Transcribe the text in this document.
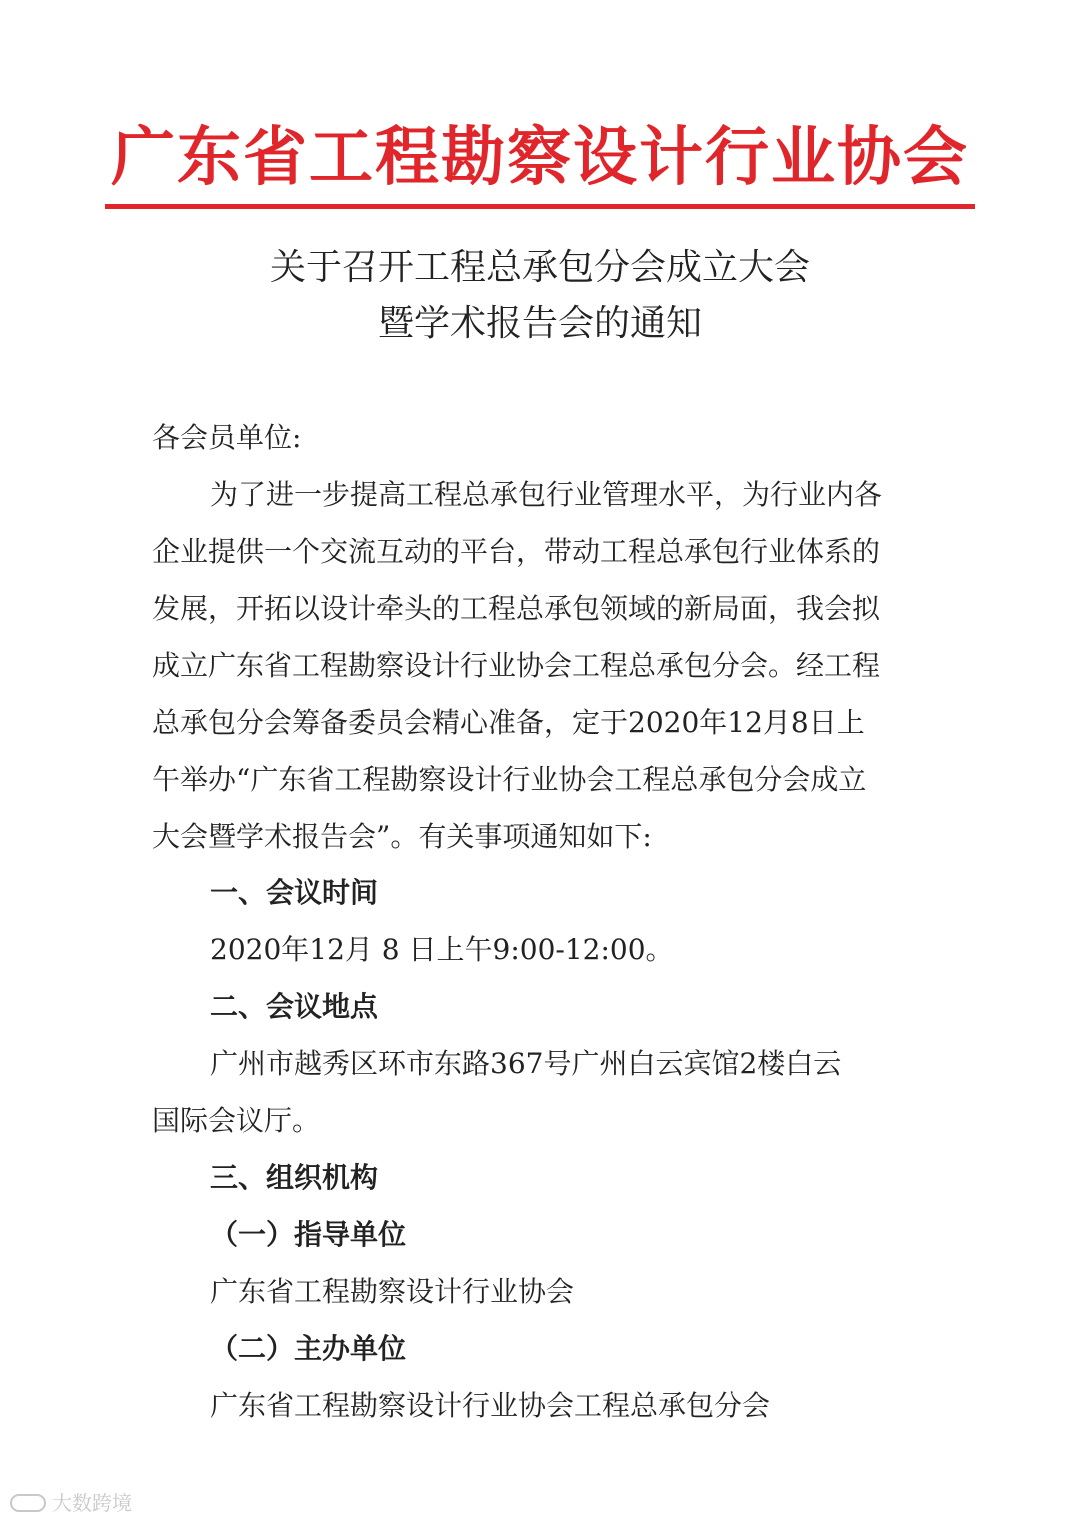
广东省工程勘察设计行业协会
关于召开工程总承包分会成立大会
暨学术报告会的通知
各会员单位:
为了进一步提高工程总承包行业管理水平，为行业内各
企业提供一个交流互动的平台，带动工程总承包行业体系的
发展，开拓以设计牵头的工程总承包领域的新局面，我会拟
成立广东省工程勘察设计行业协会工程总承包分会。经工程
总承包分会筹备委员会精心准备，定于2020年12月8日上
午举办“广东省工程勘察设计行业协会工程总承包分会成立
大会暨学术报告会”。有关事项通知如下:
一、会议时间
2020年12月 8 日上午9:00-12:00。
二、会议地点
广州市越秀区环市东路367号广州白云宾馆2楼白云
国际会议厅。
三、组织机构
（一）指导单位
广东省工程勘察设计行业协会
（二）主办单位
广东省工程勘察设计行业协会工程总承包分会
大数跨境
